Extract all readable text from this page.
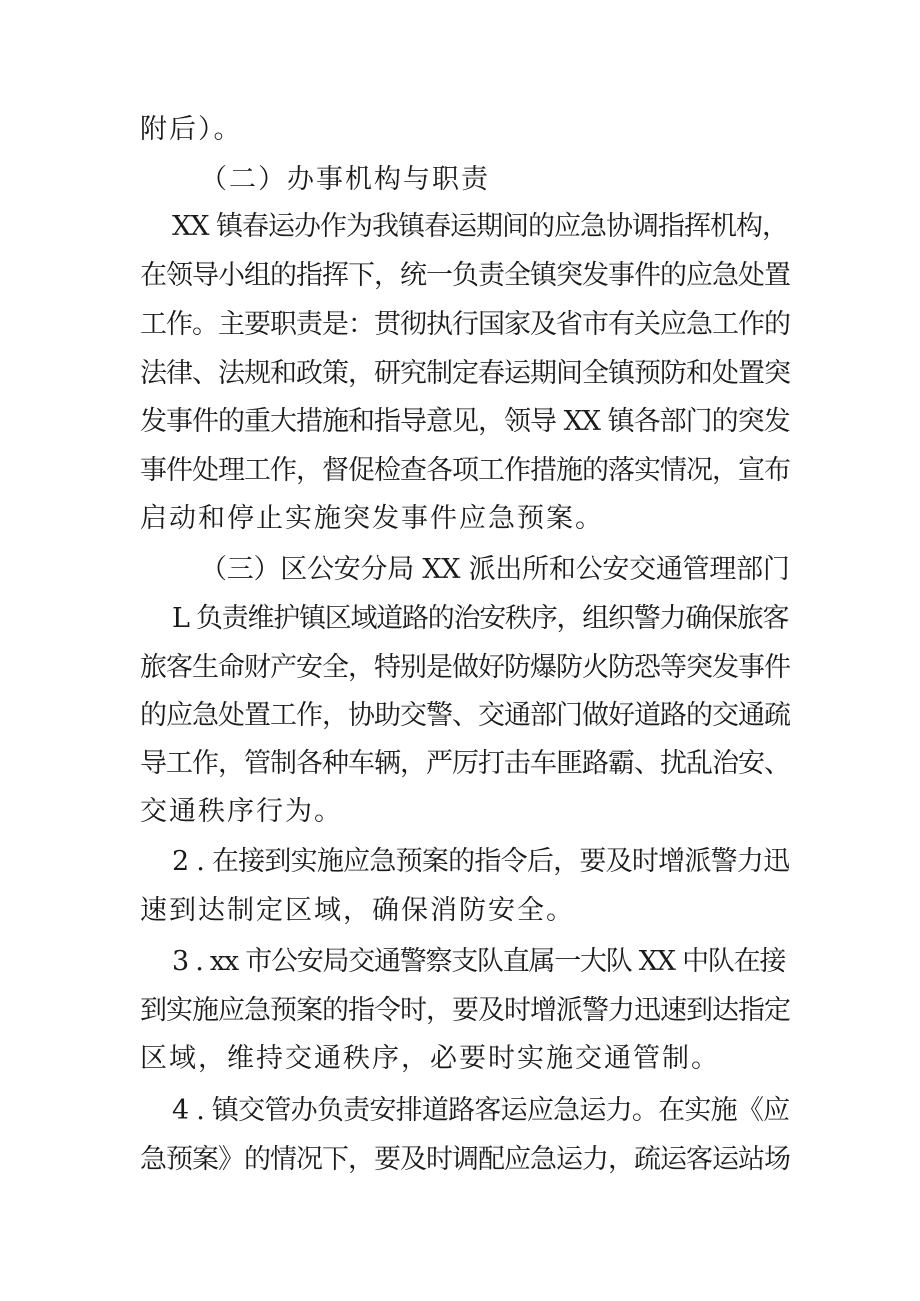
附后）。
（二）办事机构与职责
XX 镇春运办作为我镇春运期间的应急协调指挥机构，
在领导小组的指挥下，统一负责全镇突发事件的应急处置
工作。主要职责是：贯彻执行国家及省市有关应急工作的
法律、法规和政策，研究制定春运期间全镇预防和处置突
发事件的重大措施和指导意见，领导 XX 镇各部门的突发
事件处理工作，督促检查各项工作措施的落实情况，宣布
启动和停止实施突发事件应急预案。
（三）区公安分局 XX 派出所和公安交通管理部门
L 负责维护镇区域道路的治安秩序，组织警力确保旅客
旅客生命财产安全，特别是做好防爆防火防恐等突发事件
的应急处置工作，协助交警、交通部门做好道路的交通疏
导工作，管制各种车辆，严厉打击车匪路霸、扰乱治安、
交通秩序行为。
2 . 在接到实施应急预案的指令后，要及时增派警力迅
速到达制定区域，确保消防安全。
3 . xx 市公安局交通警察支队直属一大队 XX 中队在接
到实施应急预案的指令时，要及时增派警力迅速到达指定
区域，维持交通秩序，必要时实施交通管制。
4 . 镇交管办负责安排道路客运应急运力。在实施《应
急预案》的情况下，要及时调配应急运力，疏运客运站场
